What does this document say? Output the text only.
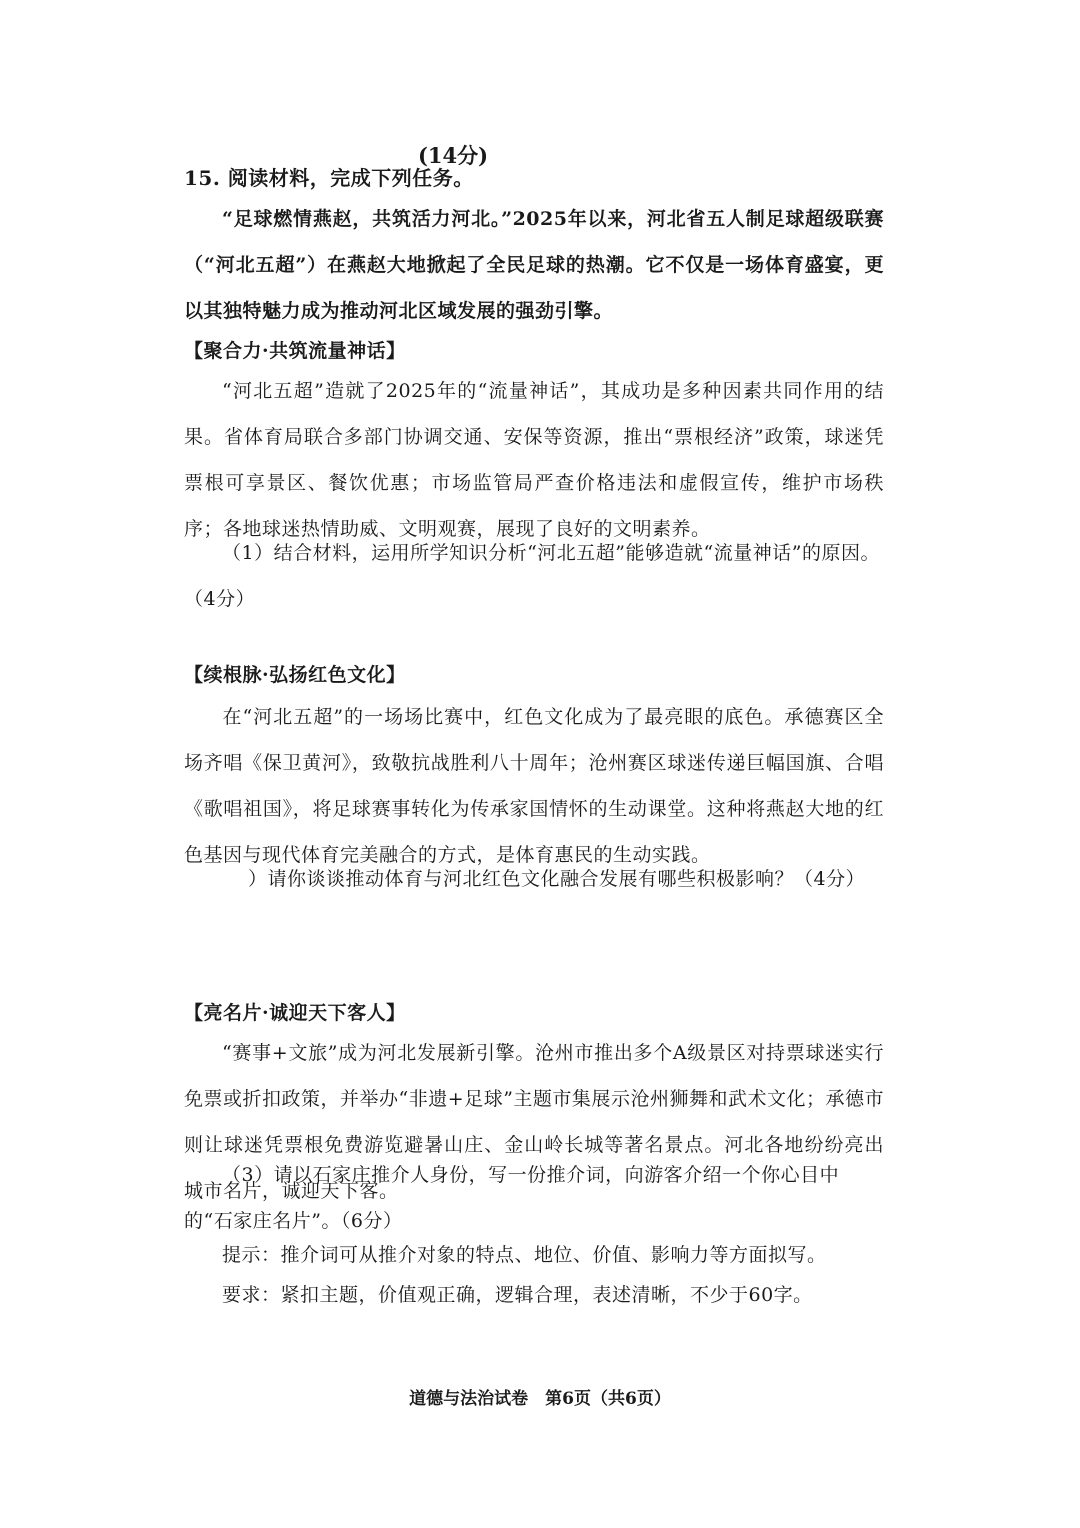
(14分)
15. 阅读材料，完成下列任务。
“足球燃情燕赵，共筑活力河北。”2025年以来，河北省五人制足球超级联赛（“河北五超”）在燕赵大地掀起了全民足球的热潮。它不仅是一场体育盛宴，更以其独特魅力成为推动河北区域发展的强劲引擎。
【聚合力·共筑流量神话】
“河北五超”造就了2025年的“流量神话”，其成功是多种因素共同作用的结果。省体育局联合多部门协调交通、安保等资源，推出“票根经济”政策，球迷凭票根可享景区、餐饮优惠；市场监管局严查价格违法和虚假宣传，维护市场秩序；各地球迷热情助威、文明观赛，展现了良好的文明素养。
（1）结合材料，运用所学知识分析“河北五超”能够造就“流量神话”的原因。（4分）
【续根脉·弘扬红色文化】
在“河北五超”的一场场比赛中，红色文化成为了最亮眼的底色。承德赛区全场齐唱《保卫黄河》，致敬抗战胜利八十周年；沧州赛区球迷传递巨幅国旗、合唱《歌唱祖国》，将足球赛事转化为传承家国情怀的生动课堂。这种将燕赵大地的红色基因与现代体育完美融合的方式，是体育惠民的生动实践。
）请你谈谈推动体育与河北红色文化融合发展有哪些积极影响？（4分）
【亮名片·诚迎天下客人】
“赛事+文旅”成为河北发展新引擎。沧州市推出多个A级景区对持票球迷实行免票或折扣政策，并举办“非遗+足球”主题市集展示沧州狮舞和武术文化；承德市则让球迷凭票根免费游览避暑山庄、金山岭长城等著名景点。河北各地纷纷亮出城市名片，诚迎天下客。
（3）请以石家庄推介人身份，写一份推介词，向游客介绍一个你心目中的“石家庄名片”。（6分）
提示：推介词可从推介对象的特点、地位、价值、影响力等方面拟写。
要求：紧扣主题，价值观正确，逻辑合理，表述清晰，不少于60字。
道德与法治试卷　第6页（共6页）
